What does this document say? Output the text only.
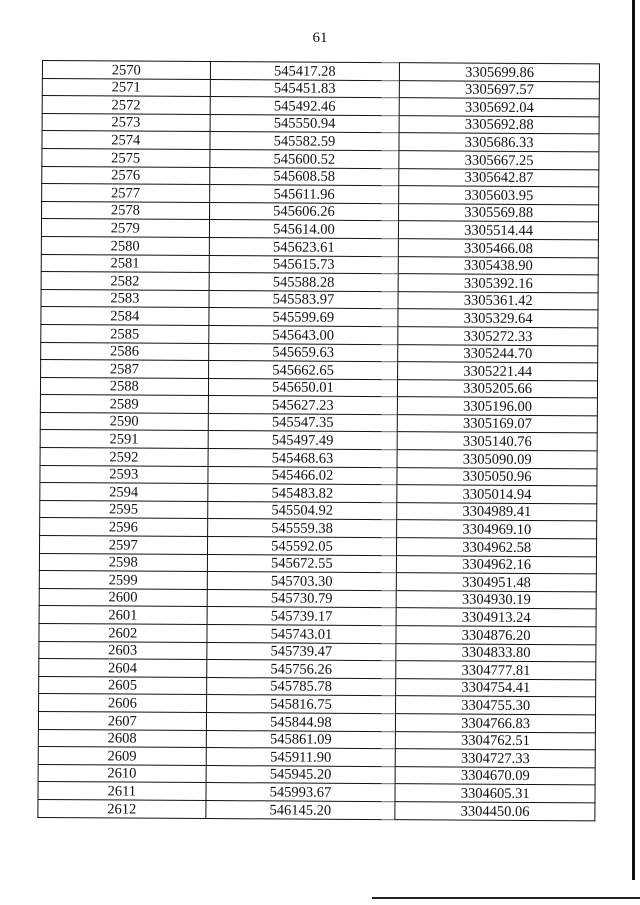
61
2570	545417.28	3305699.86
2571	545451.83	3305697.57
2572	545492.46	3305692.04
2573	545550.94	3305692.88
2574	545582.59	3305686.33
2575	545600.52	3305667.25
2576	545608.58	3305642.87
2577	545611.96	3305603.95
2578	545606.26	3305569.88
2579	545614.00	3305514.44
2580	545623.61	3305466.08
2581	545615.73	3305438.90
2582	545588.28	3305392.16
2583	545583.97	3305361.42
2584	545599.69	3305329.64
2585	545643.00	3305272.33
2586	545659.63	3305244.70
2587	545662.65	3305221.44
2588	545650.01	3305205.66
2589	545627.23	3305196.00
2590	545547.35	3305169.07
2591	545497.49	3305140.76
2592	545468.63	3305090.09
2593	545466.02	3305050.96
2594	545483.82	3305014.94
2595	545504.92	3304989.41
2596	545559.38	3304969.10
2597	545592.05	3304962.58
2598	545672.55	3304962.16
2599	545703.30	3304951.48
2600	545730.79	3304930.19
2601	545739.17	3304913.24
2602	545743.01	3304876.20
2603	545739.47	3304833.80
2604	545756.26	3304777.81
2605	545785.78	3304754.41
2606	545816.75	3304755.30
2607	545844.98	3304766.83
2608	545861.09	3304762.51
2609	545911.90	3304727.33
2610	545945.20	3304670.09
2611	545993.67	3304605.31
2612	546145.20	3304450.06
